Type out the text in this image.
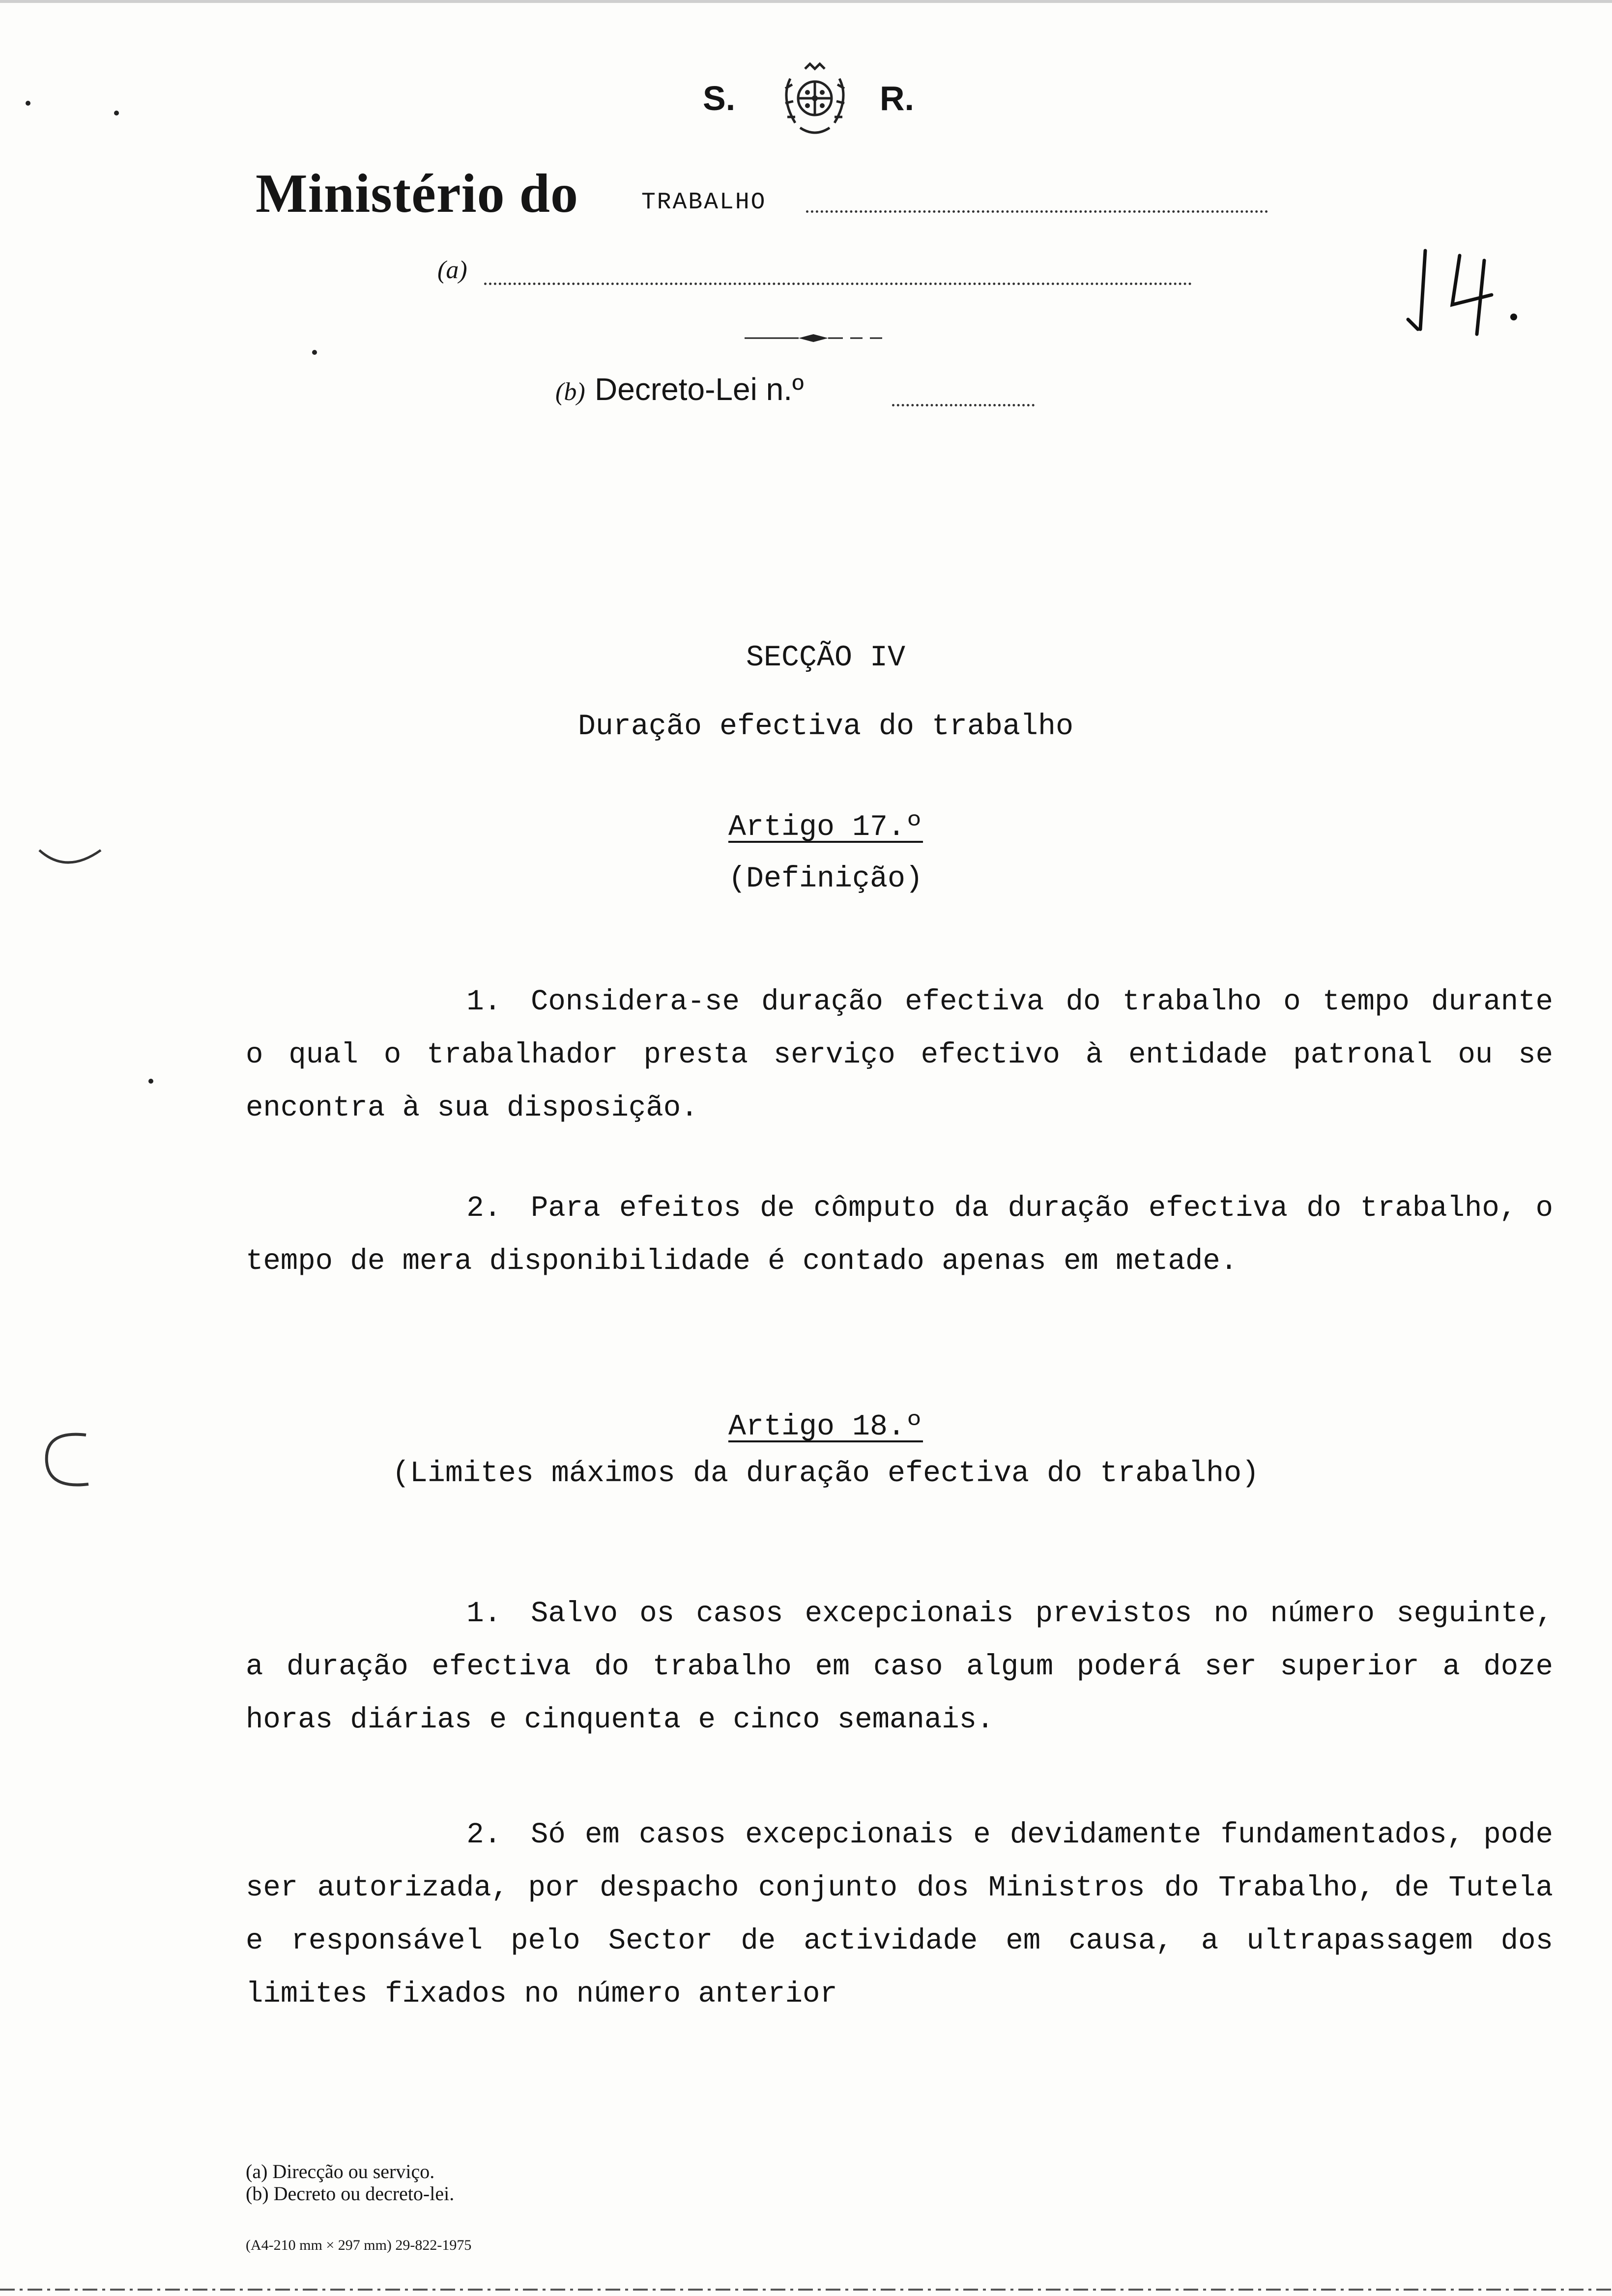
S.	R.
Ministério do	TRABALHO
(a)
14.
(b) Decreto-Lei n.º
SECÇÃO IV
Duração efectiva do trabalho
Artigo 17.º
(Definição)
1. Considera-se duração efectiva do trabalho o tempo durante o qual o trabalhador presta serviço efectivo à entidade patronal ou se encontra à sua disposição.
2. Para efeitos de cômputo da duração efectiva do trabalho, o tempo de mera disponibilidade é contado apenas em metade.
Artigo 18.º
(Limites máximos da duração efectiva do trabalho)
1. Salvo os casos excepcionais previstos no número seguinte, a duração efectiva do trabalho em caso algum poderá ser superior a doze horas diárias e cinquenta e cinco semanais.
2. Só em casos excepcionais e devidamente fundamentados, pode ser autorizada, por despacho conjunto dos Ministros do Trabalho, de Tutela e responsável pelo Sector de actividade em causa, a ultrapassagem dos limites fixados no número anterior
(a) Direcção ou serviço.
(b) Decreto ou decreto-lei.
(A4-210 mm × 297 mm) 29-822-1975
